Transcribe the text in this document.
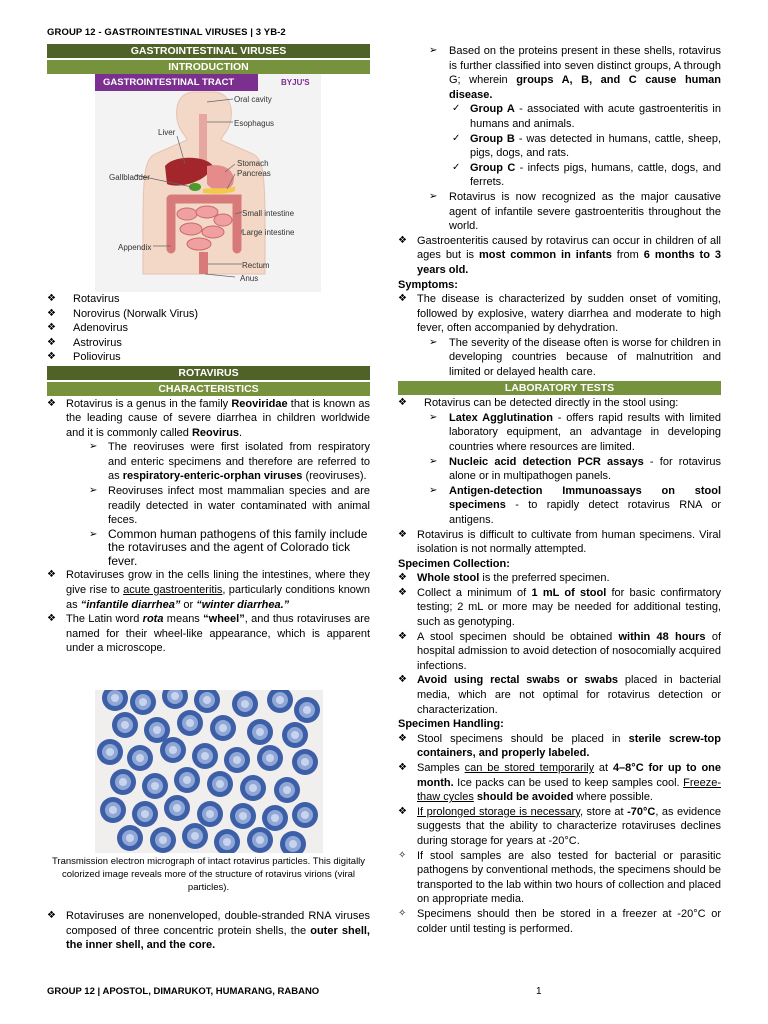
GROUP 12 - GASTROINTESTINAL VIRUSES | 3 YB-2
GASTROINTESTINAL VIRUSES
INTRODUCTION
GASTROINTESTINAL TRACT	BYJU'S
Oral cavity
Esophagus
Liver
Stomach
Pancreas
Gallbladder
Small intestine
Large intestine
Appendix
Rectum
Anus
❖ Rotavirus
❖ Norovirus (Norwalk Virus)
❖ Adenovirus
❖ Astrovirus
❖ Poliovirus
ROTAVIRUS
CHARACTERISTICS
❖ Rotavirus is a genus in the family Reoviridae that is known as the leading cause of severe diarrhea in children worldwide and it is commonly called Reovirus.
➢ The reoviruses were first isolated from respiratory and enteric specimens and therefore are referred to as respiratory-enteric-orphan viruses (reoviruses).
➢ Reoviruses infect most mammalian species and are readily detected in water contaminated with animal feces.
➢ Common human pathogens of this family include the rotaviruses and the agent of Colorado tick fever.
❖ Rotaviruses grow in the cells lining the intestines, where they give rise to acute gastroenteritis, particularly conditions known as “infantile diarrhea” or “winter diarrhea.”
❖ The Latin word rota means “wheel”, and thus rotaviruses are named for their wheel-like appearance, which is apparent under a microscope.
Transmission electron micrograph of intact rotavirus particles. This digitally colorized image reveals more of the structure of rotavirus virions (viral particles).
❖ Rotaviruses are nonenveloped, double-stranded RNA viruses composed of three concentric protein shells, the outer shell, the inner shell, and the core.
➢ Based on the proteins present in these shells, rotavirus is further classified into seven distinct groups, A through G; wherein groups A, B, and C cause human disease.
✓ Group A - associated with acute gastroenteritis in humans and animals.
✓ Group B - was detected in humans, cattle, sheep, pigs, dogs, and rats.
✓ Group C - infects pigs, humans, cattle, dogs, and ferrets.
➢ Rotavirus is now recognized as the major causative agent of infantile severe gastroenteritis throughout the world.
❖ Gastroenteritis caused by rotavirus can occur in children of all ages but is most common in infants from 6 months to 3 years old.
Symptoms:
❖ The disease is characterized by sudden onset of vomiting, followed by explosive, watery diarrhea and moderate to high fever, often accompanied by dehydration.
➢ The severity of the disease often is worse for children in developing countries because of malnutrition and limited or delayed health care.
LABORATORY TESTS
❖ Rotavirus can be detected directly in the stool using:
➢ Latex Agglutination - offers rapid results with limited laboratory equipment, an advantage in developing countries where resources are limited.
➢ Nucleic acid detection PCR assays - for rotavirus alone or in multipathogen panels.
➢ Antigen-detection Immunoassays on stool specimens - to rapidly detect rotavirus RNA or antigens.
❖ Rotavirus is difficult to cultivate from human specimens. Viral isolation is not normally attempted.
Specimen Collection:
❖ Whole stool is the preferred specimen.
❖ Collect a minimum of 1 mL of stool for basic confirmatory testing; 2 mL or more may be needed for additional testing, such as genotyping.
❖ A stool specimen should be obtained within 48 hours of hospital admission to avoid detection of nosocomially acquired infections.
❖ Avoid using rectal swabs or swabs placed in bacterial media, which are not optimal for rotavirus detection or characterization.
Specimen Handling:
❖ Stool specimens should be placed in sterile screw-top containers, and properly labeled.
❖ Samples can be stored temporarily at 4–8°C for up to one month. Ice packs can be used to keep samples cool. Freeze-thaw cycles should be avoided where possible.
❖ If prolonged storage is necessary, store at -70°C, as evidence suggests that the ability to characterize rotaviruses declines during storage for years at -20°C.
✧ If stool samples are also tested for bacterial or parasitic pathogens by conventional methods, the specimens should be transported to the lab within two hours of collection and placed on appropriate media.
✧ Specimens should then be stored in a freezer at -20°C or colder until testing is performed.
GROUP 12 | APOSTOL, DIMARUKOT, HUMARANG, RABANO	1
